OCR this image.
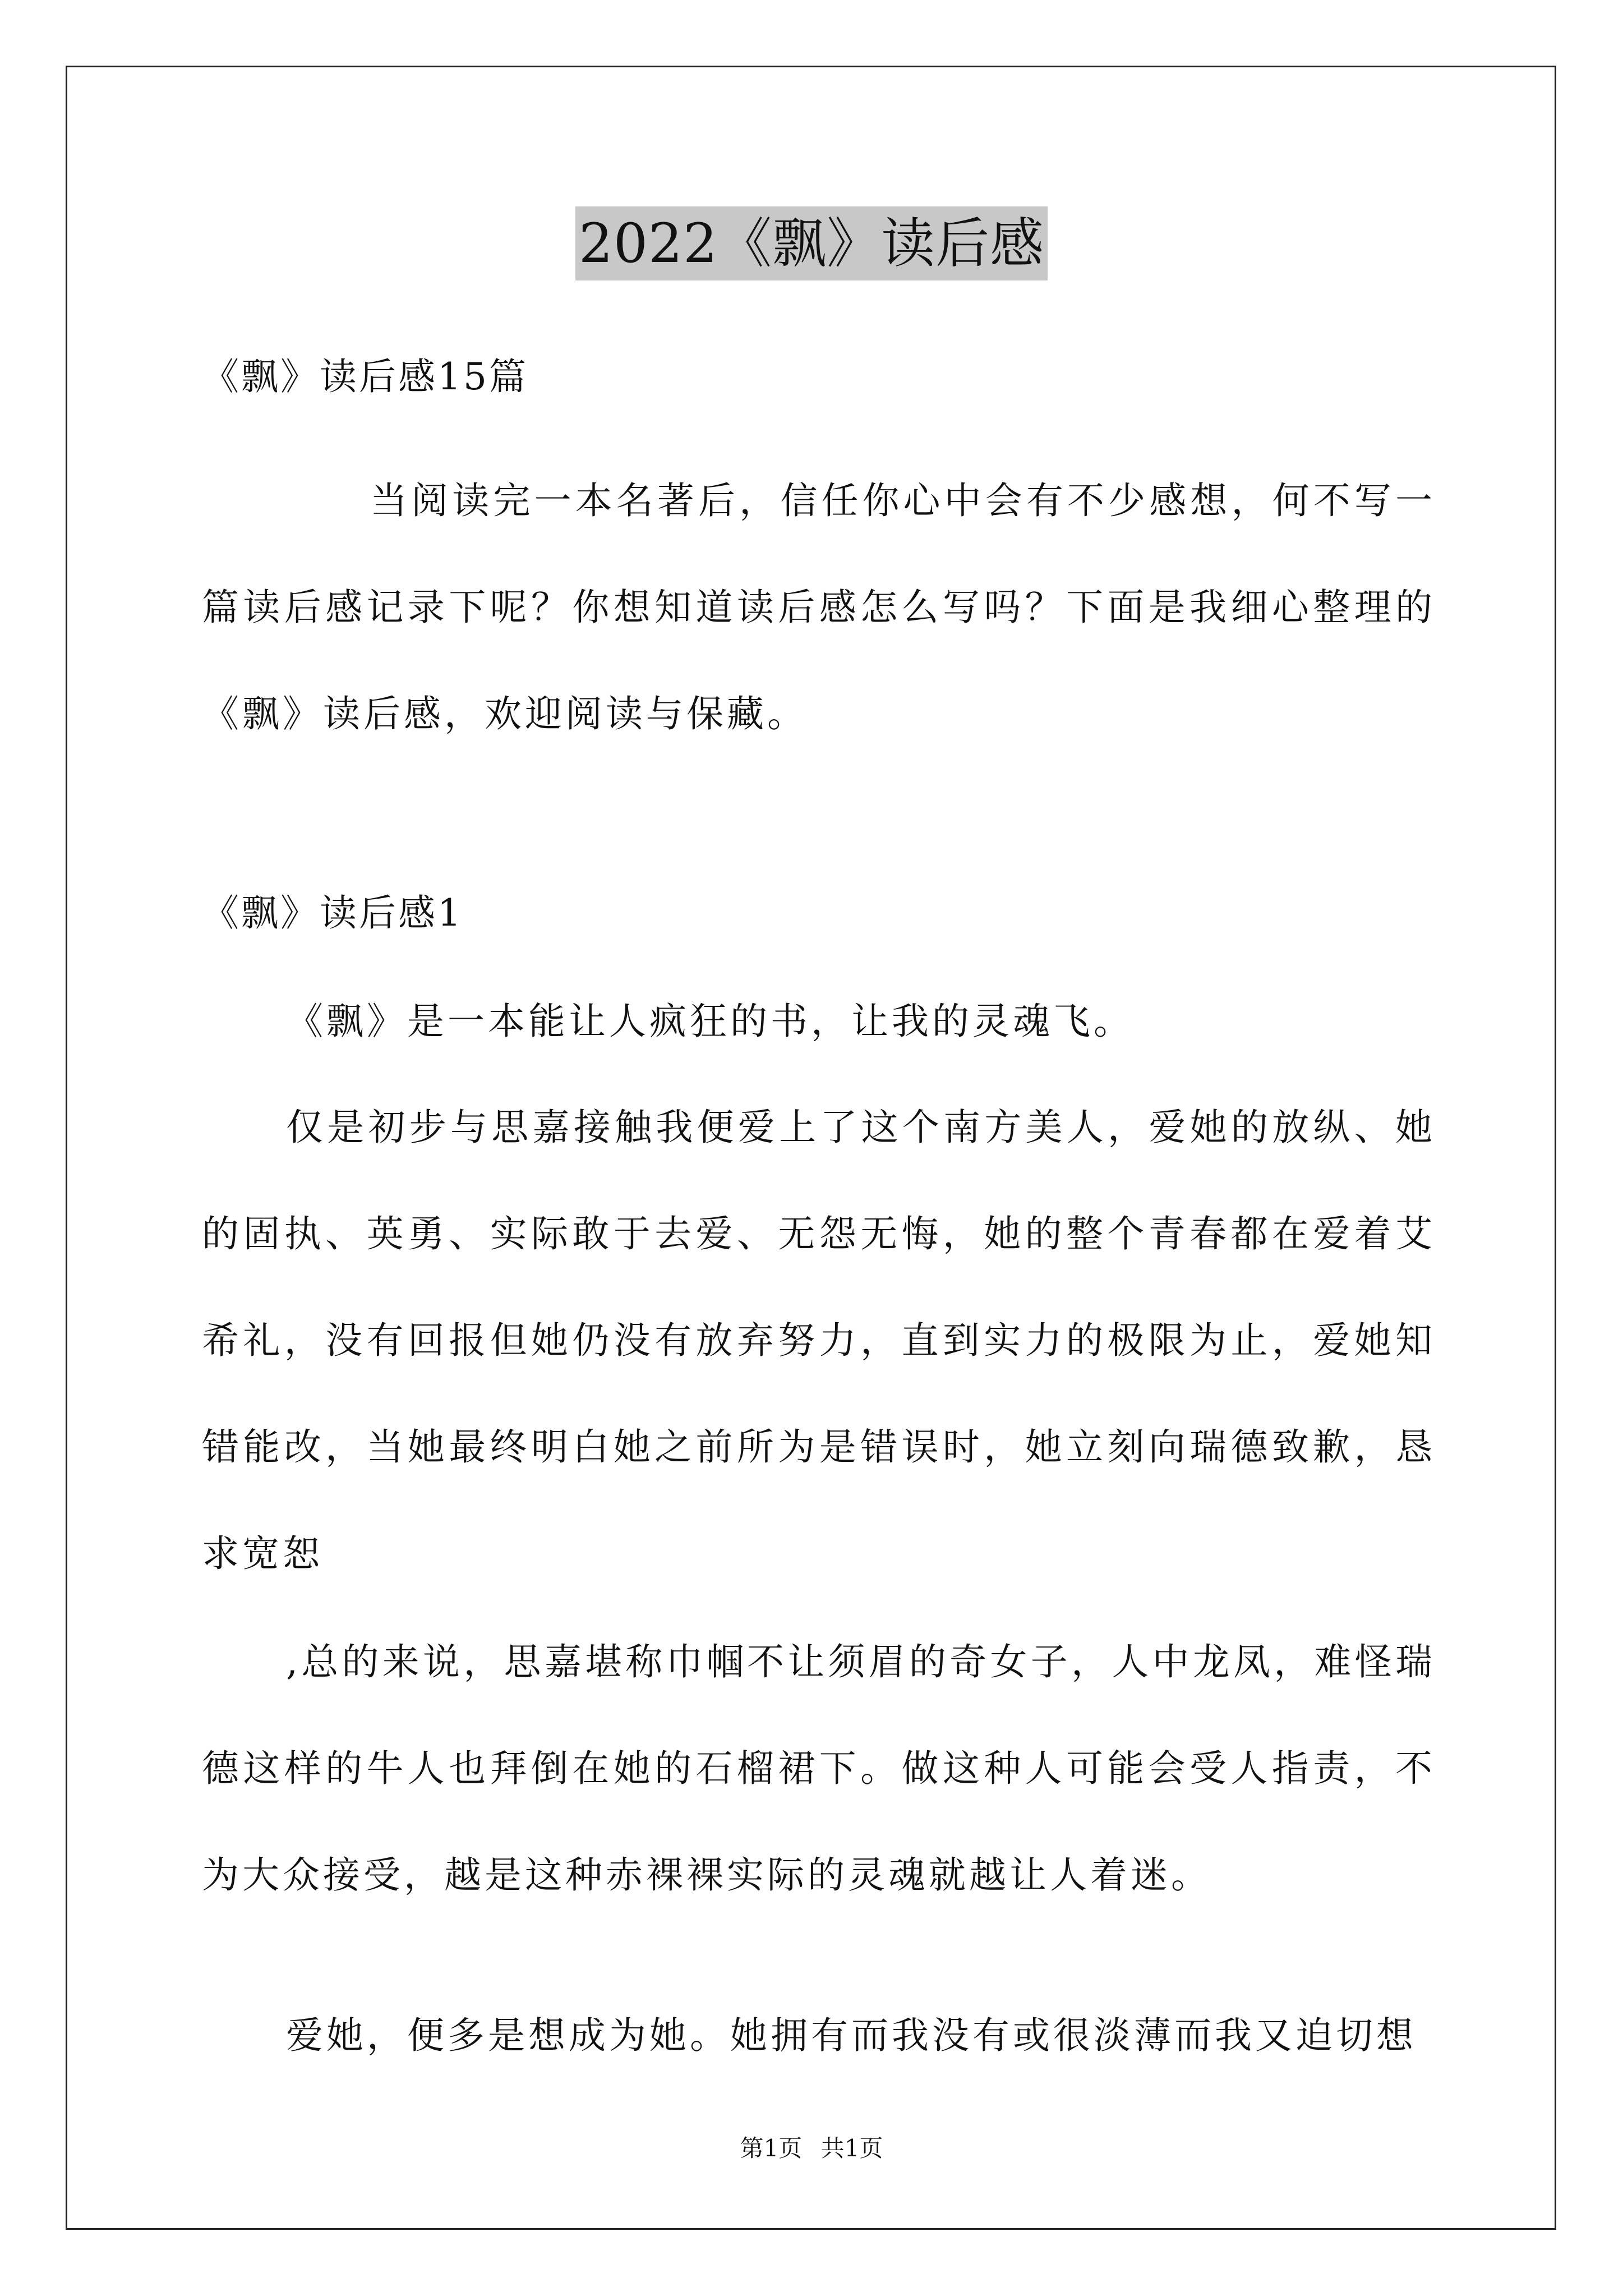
2022《飘》读后感

《飘》读后感15篇

当阅读完一本名著后，信任你心中会有不少感想，何不写一篇读后感记录下呢？你想知道读后感怎么写吗？下面是我细心整理的《飘》读后感，欢迎阅读与保藏。

《飘》读后感1

《飘》是一本能让人疯狂的书，让我的灵魂飞。

仅是初步与思嘉接触我便爱上了这个南方美人，爱她的放纵、她的固执、英勇、实际敢于去爱、无怨无悔，她的整个青春都在爱着艾希礼，没有回报但她仍没有放弃努力，直到实力的极限为止，爱她知错能改，当她最终明白她之前所为是错误时，她立刻向瑞德致歉，恳求宽恕

,总的来说，思嘉堪称巾帼不让须眉的奇女子，人中龙凤，难怪瑞德这样的牛人也拜倒在她的石榴裙下。做这种人可能会受人指责，不为大众接受，越是这种赤裸裸实际的灵魂就越让人着迷。

爱她，便多是想成为她。她拥有而我没有或很淡薄而我又迫切想

第1页 共1页
